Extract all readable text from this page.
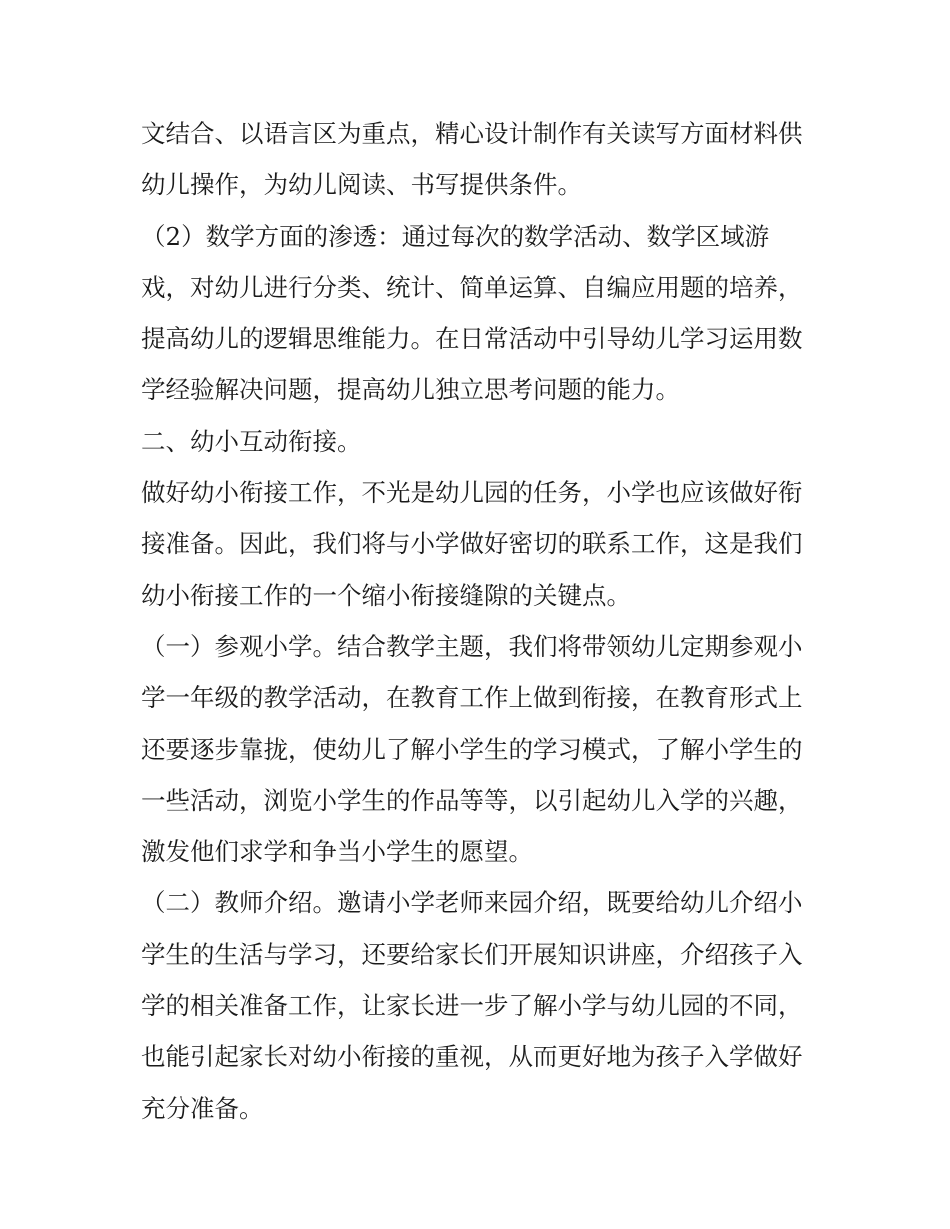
文结合、以语言区为重点，精心设计制作有关读写方面材料供
幼儿操作，为幼儿阅读、书写提供条件。
（2）数学方面的渗透：通过每次的数学活动、数学区域游
戏，对幼儿进行分类、统计、简单运算、自编应用题的培养，
提高幼儿的逻辑思维能力。在日常活动中引导幼儿学习运用数
学经验解决问题，提高幼儿独立思考问题的能力。
二、幼小互动衔接。
做好幼小衔接工作，不光是幼儿园的任务，小学也应该做好衔
接准备。因此，我们将与小学做好密切的联系工作，这是我们
幼小衔接工作的一个缩小衔接缝隙的关键点。
（一）参观小学。结合教学主题，我们将带领幼儿定期参观小
学一年级的教学活动，在教育工作上做到衔接，在教育形式上
还要逐步靠拢，使幼儿了解小学生的学习模式，了解小学生的
一些活动，浏览小学生的作品等等，以引起幼儿入学的兴趣，
激发他们求学和争当小学生的愿望。
（二）教师介绍。邀请小学老师来园介绍，既要给幼儿介绍小
学生的生活与学习，还要给家长们开展知识讲座，介绍孩子入
学的相关准备工作，让家长进一步了解小学与幼儿园的不同，
也能引起家长对幼小衔接的重视，从而更好地为孩子入学做好
充分准备。
